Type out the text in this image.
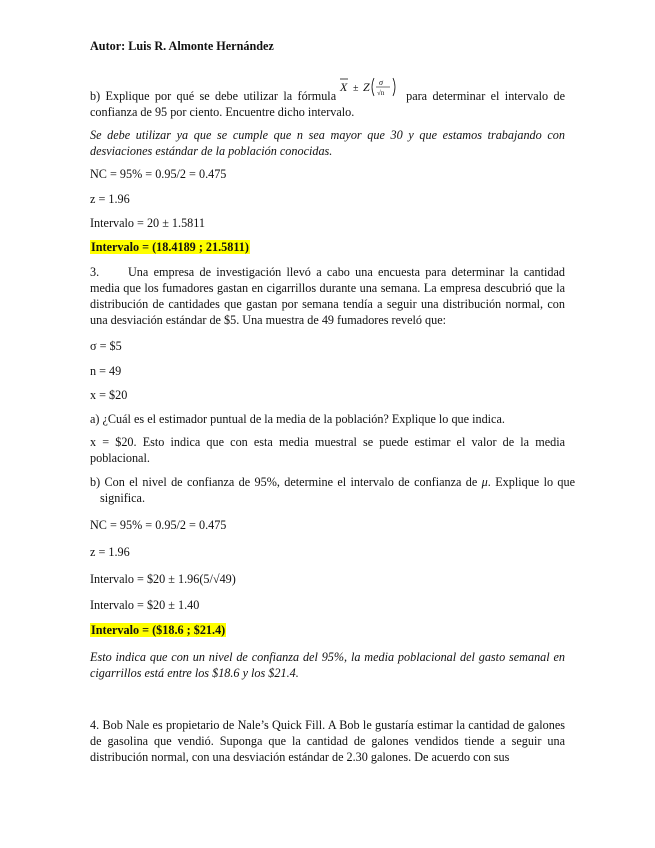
Autor: Luis R. Almonte Hernández

b) Explique por qué se debe utilizar la fórmula
X ± Z σ
√n para determinar el intervalo de confianza de 95 por ciento. Encuentre dicho intervalo.

Se debe utilizar ya que se cumple que n sea mayor que 30 y que estamos trabajando con desviaciones estándar de la población conocidas.

NC = 95% = 0.95/2 = 0.475

z = 1.96

Intervalo = 20 ± 1.5811

Intervalo = (18.4189 ; 21.5811)

3. Una empresa de investigación llevó a cabo una encuesta para determinar la cantidad media que los fumadores gastan en cigarrillos durante una semana. La empresa descubrió que la distribución de cantidades que gastan por semana tendía a seguir una distribución normal, con una desviación estándar de $5. Una muestra de 49 fumadores reveló que:

σ = $5

n = 49

x = $20

a) ¿Cuál es el estimador puntual de la media de la población? Explique lo que indica.

x = $20. Esto indica que con esta media muestral se puede estimar el valor de la media poblacional.

b) Con el nivel de confianza de 95%, determine el intervalo de confianza de μ. Explique lo que significa.

NC = 95% = 0.95/2 = 0.475

z = 1.96

Intervalo = $20 ± 1.96(5/√49)

Intervalo = $20 ± 1.40

Intervalo = ($18.6 ; $21.4)

Esto indica que con un nivel de confianza del 95%, la media poblacional del gasto semanal en cigarrillos está entre los $18.6 y los $21.4.

4. Bob Nale es propietario de Nale’s Quick Fill. A Bob le gustaría estimar la cantidad de galones de gasolina que vendió. Suponga que la cantidad de galones vendidos tiende a seguir una distribución normal, con una desviación estándar de 2.30 galones. De acuerdo con sus
